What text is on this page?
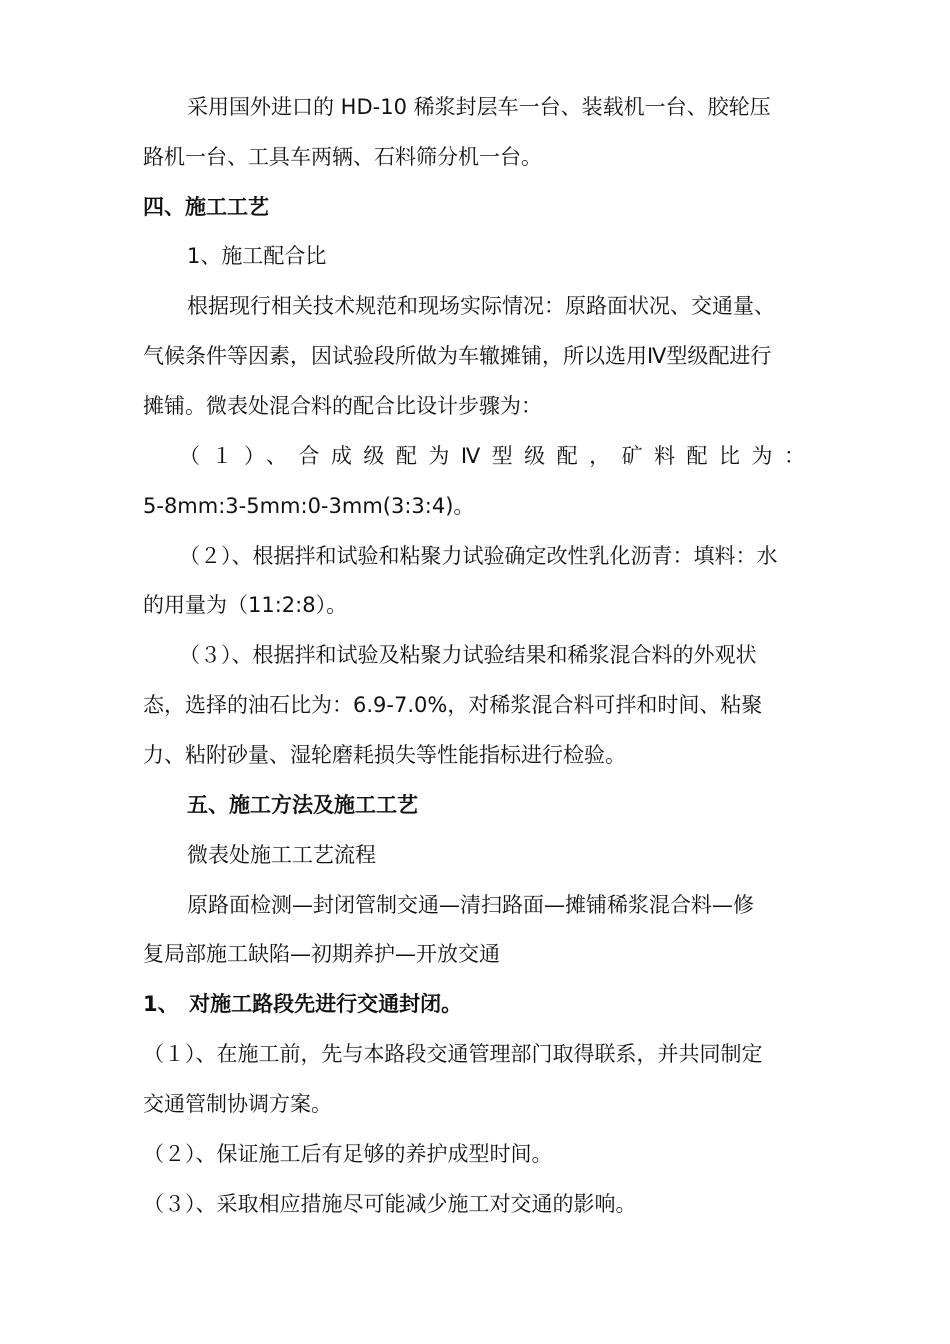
采用国外进口的 HD-10 稀浆封层车一台、装载机一台、胶轮压
路机一台、工具车两辆、石料筛分机一台。
四、施工工艺
1、施工配合比
根据现行相关技术规范和现场实际情况：原路面状况、交通量、
气候条件等因素，因试验段所做为车辙摊铺，所以选用Ⅳ型级配进行
摊铺。微表处混合料的配合比设计步骤为：
（１）、合成级配为Ⅳ型级配，矿料配比为：
5-8mm:3-5mm:0-3mm(3:3:4)。
（２）、根据拌和试验和粘聚力试验确定改性乳化沥青：填料：水
的用量为（11:2:8）。
（３）、根据拌和试验及粘聚力试验结果和稀浆混合料的外观状
态，选择的油石比为：6.9-7.0%，对稀浆混合料可拌和时间、粘聚
力、粘附砂量、湿轮磨耗损失等性能指标进行检验。
五、施工方法及施工工艺
微表处施工工艺流程
原路面检测—封闭管制交通—清扫路面—摊铺稀浆混合料—修
复局部施工缺陷—初期养护—开放交通
1、　对施工路段先进行交通封闭。
（１）、在施工前，先与本路段交通管理部门取得联系，并共同制定
交通管制协调方案。
（２）、保证施工后有足够的养护成型时间。
（３）、采取相应措施尽可能减少施工对交通的影响。
